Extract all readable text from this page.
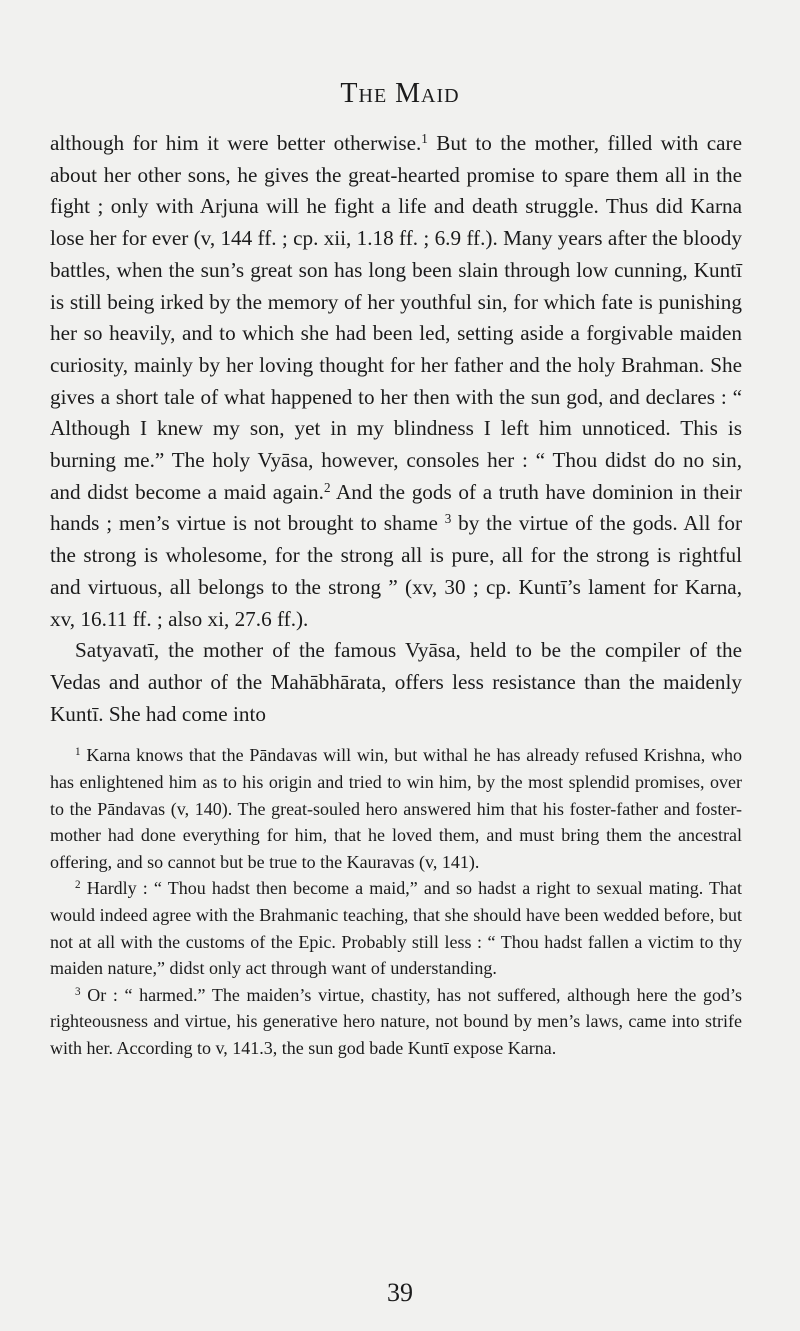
The Maid

although for him it were better otherwise.$^1$ But to the mother, filled with care about her other sons, he gives the great-hearted promise to spare them all in the fight ; only with Arjuna will he fight a life and death struggle. Thus did Karna lose her for ever (v, 144 ff. ; cp. xii, 1.18 ff. ; 6.9 ff.). Many years after the bloody battles, when the sun’s great son has long been slain through low cunning, Kuntī is still being irked by the memory of her youthful sin, for which fate is punishing her so heavily, and to which she had been led, setting aside a forgivable maiden curiosity, mainly by her loving thought for her father and the holy Brahman. She gives a short tale of what happened to her then with the sun god, and declares : “ Although I knew my son, yet in my blindness I left him unnoticed. This is burning me.” The holy Vyāsa, however, consoles her : “ Thou didst do no sin, and didst become a maid again.$^2$ And the gods of a truth have dominion in their hands ; men’s virtue is not brought to shame $^3$ by the virtue of the gods. All for the strong is wholesome, for the strong all is pure, all for the strong is rightful and virtuous, all belongs to the strong ” (xv, 30 ; cp. Kuntī’s lament for Karna, xv, 16.11 ff. ; also xi, 27.6 ff.).

Satyavatī, the mother of the famous Vyāsa, held to be the compiler of the Vedas and author of the Mahābhārata, offers less resistance than the maidenly Kuntī. She had come into

$^1$ Karna knows that the Pāndavas will win, but withal he has already refused Krishna, who has enlightened him as to his origin and tried to win him, by the most splendid promises, over to the Pāndavas (v, 140). The great-souled hero answered him that his foster-father and foster-mother had done everything for him, that he loved them, and must bring them the ancestral offering, and so cannot but be true to the Kauravas (v, 141).

$^2$ Hardly : “ Thou hadst then become a maid,” and so hadst a right to sexual mating. That would indeed agree with the Brahmanic teaching, that she should have been wedded before, but not at all with the customs of the Epic. Probably still less : “ Thou hadst fallen a victim to thy maiden nature,” didst only act through want of understanding.

$^3$ Or : “ harmed.” The maiden’s virtue, chastity, has not suffered, although here the god’s righteousness and virtue, his generative hero nature, not bound by men’s laws, came into strife with her. According to v, 141.3, the sun god bade Kuntī expose Karna.

39
